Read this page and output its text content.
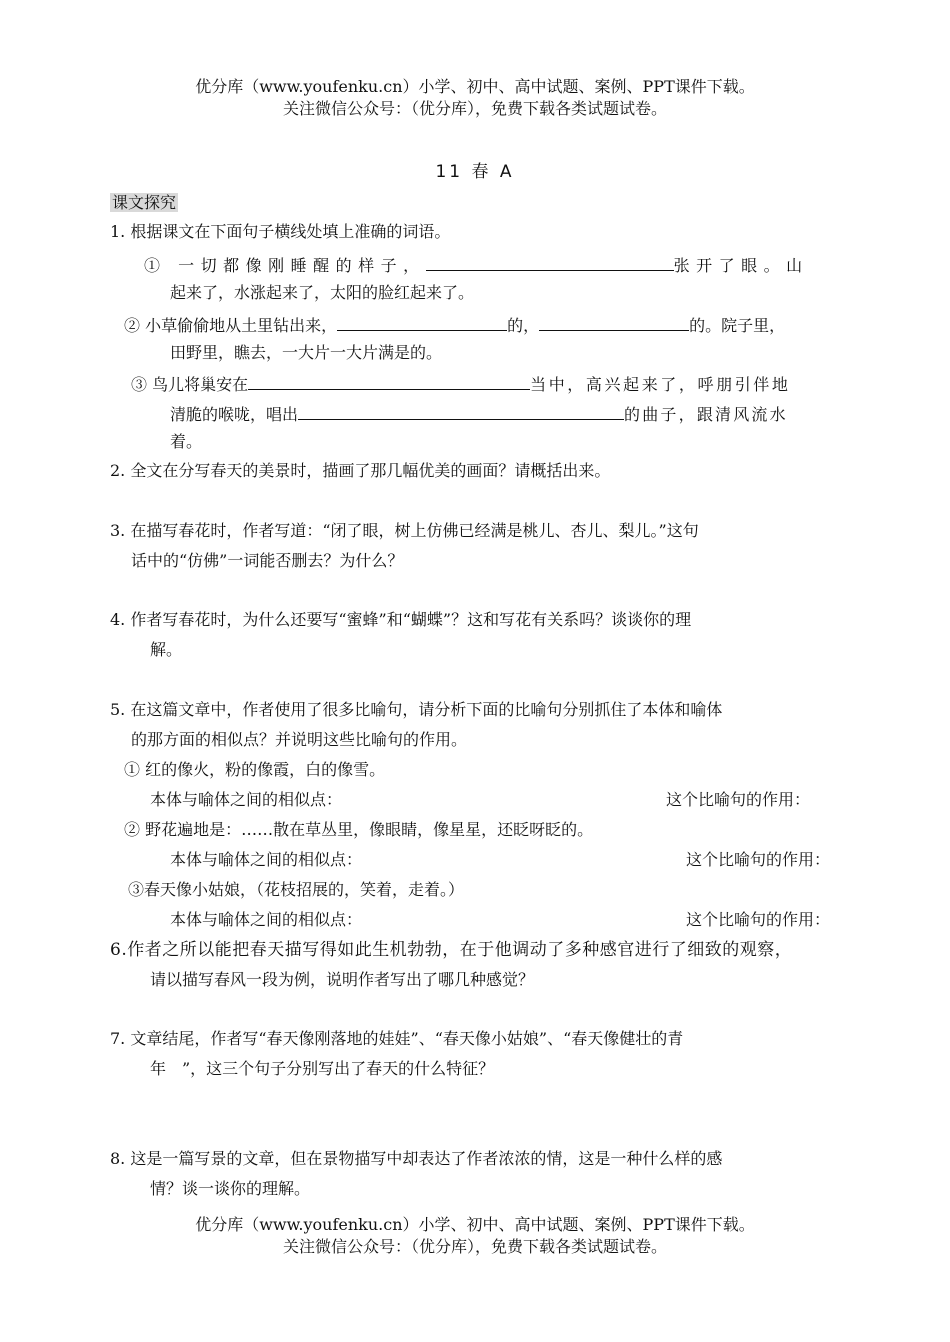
优分库（www.youfenku.cn）小学、初中、高中试题、案例、PPT课件下载。
关注微信公众号：（优分库），免费下载各类试题试卷。
11 春 A
课文探究
1. 根据课文在下面句子横线处填上准确的词语。
① 一切都像刚睡醒的样子，	张开了眼。山
起来了，水涨起来了，太阳的脸红起来了。
② 小草偷偷地从土里钻出来，	的，	的。院子里，
田野里，瞧去，一大片一大片满是的。
③ 鸟儿将巢安在	当中，高兴起来了，呼朋引伴地
清脆的喉咙，唱出	的曲子，跟清风流水
着。
2. 全文在分写春天的美景时，描画了那几幅优美的画面？请概括出来。
3. 在描写春花时，作者写道：“闭了眼，树上仿佛已经满是桃儿、杏儿、梨儿。”这句
话中的“仿佛”一词能否删去？为什么？
4. 作者写春花时，为什么还要写“蜜蜂”和“蝴蝶”？这和写花有关系吗？谈谈你的理
解。
5. 在这篇文章中，作者使用了很多比喻句，请分析下面的比喻句分别抓住了本体和喻体
的那方面的相似点？并说明这些比喻句的作用。
① 红的像火，粉的像霞，白的像雪。
本体与喻体之间的相似点：	这个比喻句的作用：
② 野花遍地是：……散在草丛里，像眼睛，像星星，还眨呀眨的。
本体与喻体之间的相似点：	这个比喻句的作用：
③春天像小姑娘，（花枝招展的，笑着，走着。）
本体与喻体之间的相似点：	这个比喻句的作用：
6.作者之所以能把春天描写得如此生机勃勃，在于他调动了多种感官进行了细致的观察，
请以描写春风一段为例，说明作者写出了哪几种感觉？
7. 文章结尾，作者写“春天像刚落地的娃娃”、“春天像小姑娘”、“春天像健壮的青
年　”，这三个句子分别写出了春天的什么特征？
8. 这是一篇写景的文章，但在景物描写中却表达了作者浓浓的情，这是一种什么样的感
情？谈一谈你的理解。
优分库（www.youfenku.cn）小学、初中、高中试题、案例、PPT课件下载。
关注微信公众号：（优分库），免费下载各类试题试卷。
